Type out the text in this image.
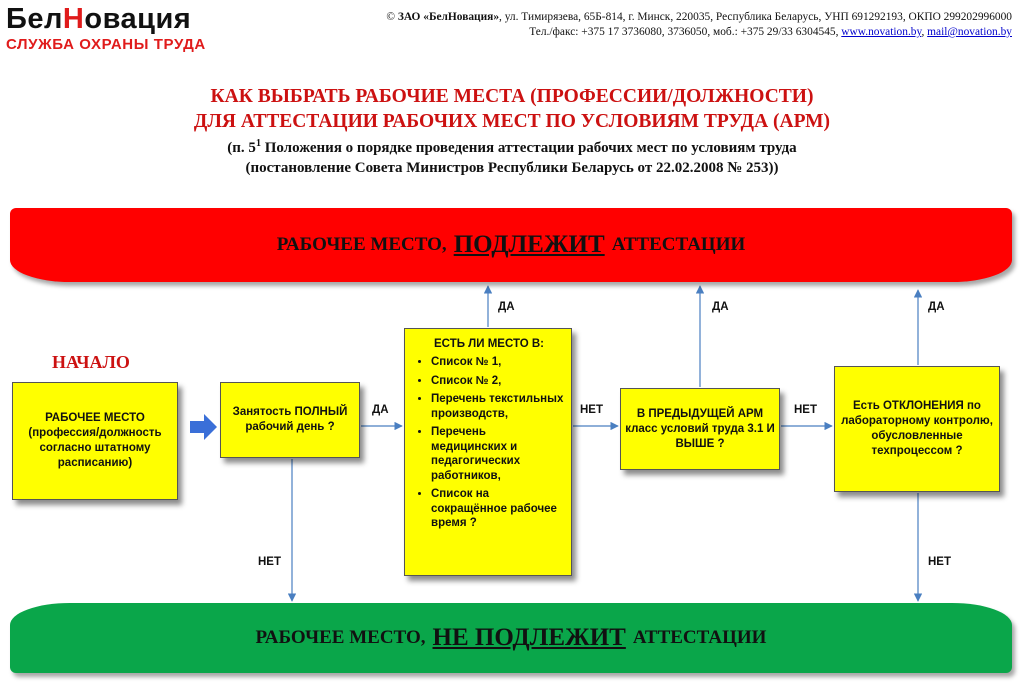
БелНовация
СЛУЖБА ОХРАНЫ ТРУДА
© ЗАО «БелНовация», ул. Тимирязева, 65Б-814, г. Минск, 220035, Республика Беларусь, УНП 691292193, ОКПО 299202996000
Тел./факс: +375 17 3736080, 3736050, моб.: +375 29/33 6304545, www.novation.by, mail@novation.by
КАК ВЫБРАТЬ РАБОЧИЕ МЕСТА (ПРОФЕССИИ/ДОЛЖНОСТИ)
ДЛЯ АТТЕСТАЦИИ РАБОЧИХ МЕСТ ПО УСЛОВИЯМ ТРУДА (АРМ)
(п. $5^1$ Положения о порядке проведения аттестации рабочих мест по условиям труда
(постановление Совета Министров Республики Беларусь от 22.02.2008 № 253))
РАБОЧЕЕ МЕСТО, ПОДЛЕЖИТ АТТЕСТАЦИИ
РАБОЧЕЕ МЕСТО, НЕ ПОДЛЕЖИТ АТТЕСТАЦИИ
НАЧАЛО
РАБОЧЕЕ МЕСТО (профессия/должность согласно штатному расписанию)
Занятость ПОЛНЫЙ рабочий день ?
ЕСТЬ ЛИ МЕСТО В:
• Список № 1,
• Список № 2,
• Перечень текстильных производств,
• Перечень медицинских и педагогических работников,
• Список на сокращённое рабочее время ?
В ПРЕДЫДУЩЕЙ АРМ класс условий труда 3.1 И ВЫШЕ ?
Есть ОТКЛОНЕНИЯ по лабораторному контролю, обусловленные техпроцессом ?
ДА
НЕТ
ДА
НЕТ
ДА
НЕТ
ДА
НЕТ
